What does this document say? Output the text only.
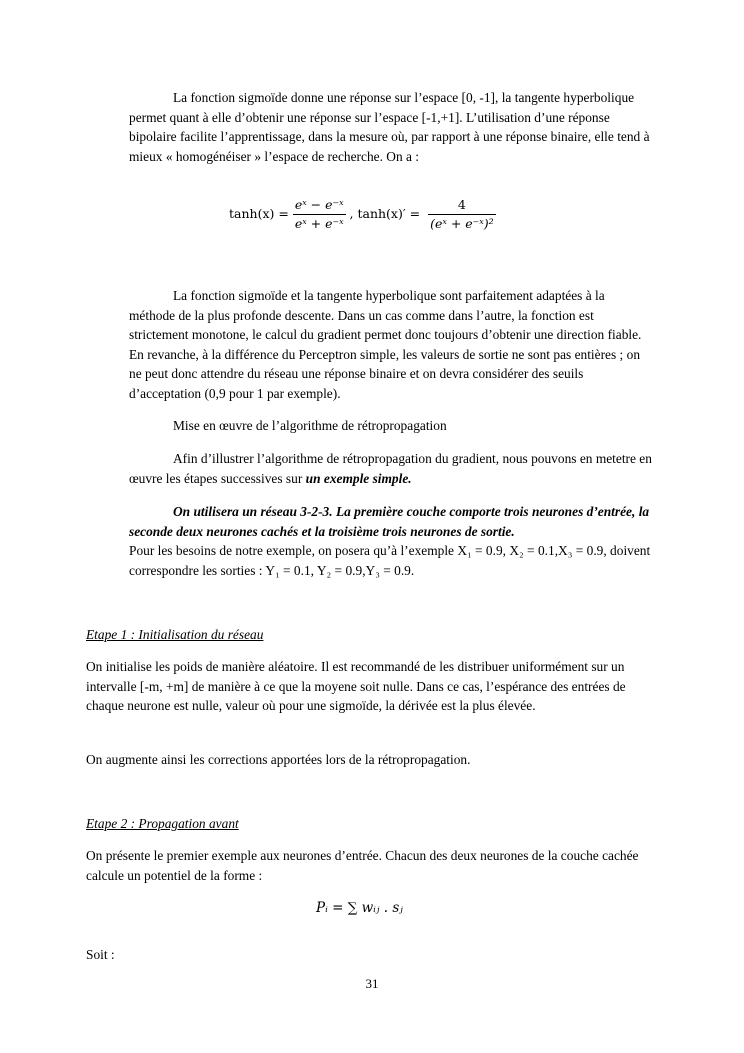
La fonction sigmoïde donne une réponse sur l’espace [0, -1], la tangente hyperbolique permet quant à elle d’obtenir une réponse sur l’espace [-1,+1]. L’utilisation d’une réponse bipolaire facilite l’apprentissage, dans la mesure où, par rapport à une réponse binaire, elle tend à mieux « homogénéiser » l’espace de recherche. On a :

$\tanh(x) = \frac{\text{eˣ − e⁻ˣ}}{\text{eˣ + e⁻ˣ}}$ , $\tanh(x)' = \frac{4}{\text{(eˣ + e⁻ˣ)²}}$

La fonction sigmoïde et la tangente hyperbolique sont parfaitement adaptées à la méthode de la plus profonde descente. Dans un cas comme dans l’autre, la fonction est strictement monotone, le calcul du gradient permet donc toujours d’obtenir une direction fiable. En revanche, à la différence du Perceptron simple, les valeurs de sortie ne sont pas entières ; on ne peut donc attendre du réseau une réponse binaire et on devra considérer des seuils d’acceptation (0,9 pour 1 par exemple).

Mise en œuvre de l’algorithme de rétropropagation

Afin d’illustrer l’algorithme de rétropropagation du gradient, nous pouvons en metetre en œuvre les étapes successives sur un exemple simple.

On utilisera un réseau 3-2-3. La première couche comporte trois neurones d’entrée, la seconde deux neurones cachés et la troisième trois neurones de sortie.

Pour les besoins de notre exemple, on posera qu’à l’exemple X₁ = 0.9, X₂ = 0.1,X₃ = 0.9, doivent correspondre les sorties : Y₁ = 0.1, Y₂ = 0.9,Y₃ = 0.9.

Etape 1 : Initialisation du réseau

On initialise les poids de manière aléatoire. Il est recommandé de les distribuer uniformément sur un intervalle [-m, +m] de manière à ce que la moyene soit nulle. Dans ce cas, l’espérance des entrées de chaque neurone est nulle, valeur où pour une sigmoïde, la dérivée est la plus élevée.

On augmente ainsi les corrections apportées lors de la rétropropagation.

Etape 2 : Propagation avant

On présente le premier exemple aux neurones d’entrée. Chacun des deux neurones de la couche cachée calcule un potentiel de la forme :

Pᵢ = ∑ wᵢⱼ . sⱼ

Soit :

31
